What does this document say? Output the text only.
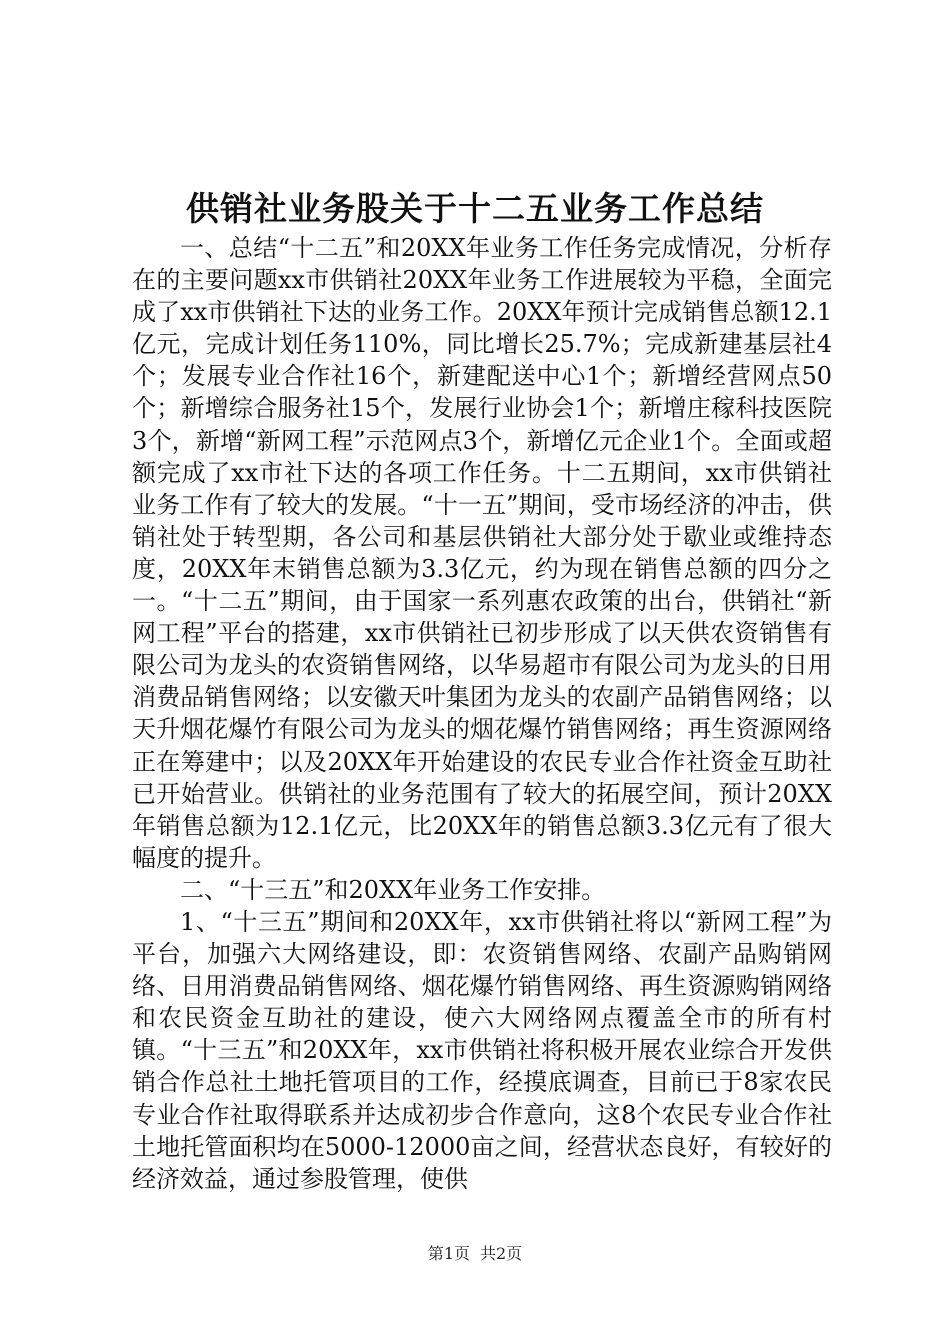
供销社业务股关于十二五业务工作总结

一、总结“十二五”和20XX年业务工作任务完成情况，分析存在的主要问题xx市供销社20XX年业务工作进展较为平稳，全面完成了xx市供销社下达的业务工作。20XX年预计完成销售总额12.1亿元，完成计划任务110%，同比增长25.7%；完成新建基层社4个；发展专业合作社16个，新建配送中心1个；新增经营网点50个；新增综合服务社15个，发展行业协会1个；新增庄稼科技医院3个，新增“新网工程”示范网点3个，新增亿元企业1个。全面或超额完成了xx市社下达的各项工作任务。十二五期间，xx市供销社业务工作有了较大的发展。“十一五”期间，受市场经济的冲击，供销社处于转型期，各公司和基层供销社大部分处于歇业或维持态度，20XX年末销售总额为3.3亿元，约为现在销售总额的四分之一。“十二五”期间，由于国家一系列惠农政策的出台，供销社“新网工程”平台的搭建，xx市供销社已初步形成了以天供农资销售有限公司为龙头的农资销售网络，以华易超市有限公司为龙头的日用消费品销售网络；以安徽天叶集团为龙头的农副产品销售网络；以天升烟花爆竹有限公司为龙头的烟花爆竹销售网络；再生资源网络正在筹建中；以及20XX年开始建设的农民专业合作社资金互助社已开始营业。供销社的业务范围有了较大的拓展空间，预计20XX年销售总额为12.1亿元，比20XX年的销售总额3.3亿元有了很大幅度的提升。

二、“十三五”和20XX年业务工作安排。

1、“十三五”期间和20XX年，xx市供销社将以“新网工程”为平台，加强六大网络建设，即：农资销售网络、农副产品购销网络、日用消费品销售网络、烟花爆竹销售网络、再生资源购销网络和农民资金互助社的建设，使六大网络网点覆盖全市的所有村镇。“十三五”和20XX年，xx市供销社将积极开展农业综合开发供销合作总社土地托管项目的工作，经摸底调查，目前已于8家农民专业合作社取得联系并达成初步合作意向，这8个农民专业合作社土地托管面积均在5000-12000亩之间，经营状态良好，有较好的经济效益，通过参股管理，使供

第1页 共2页
